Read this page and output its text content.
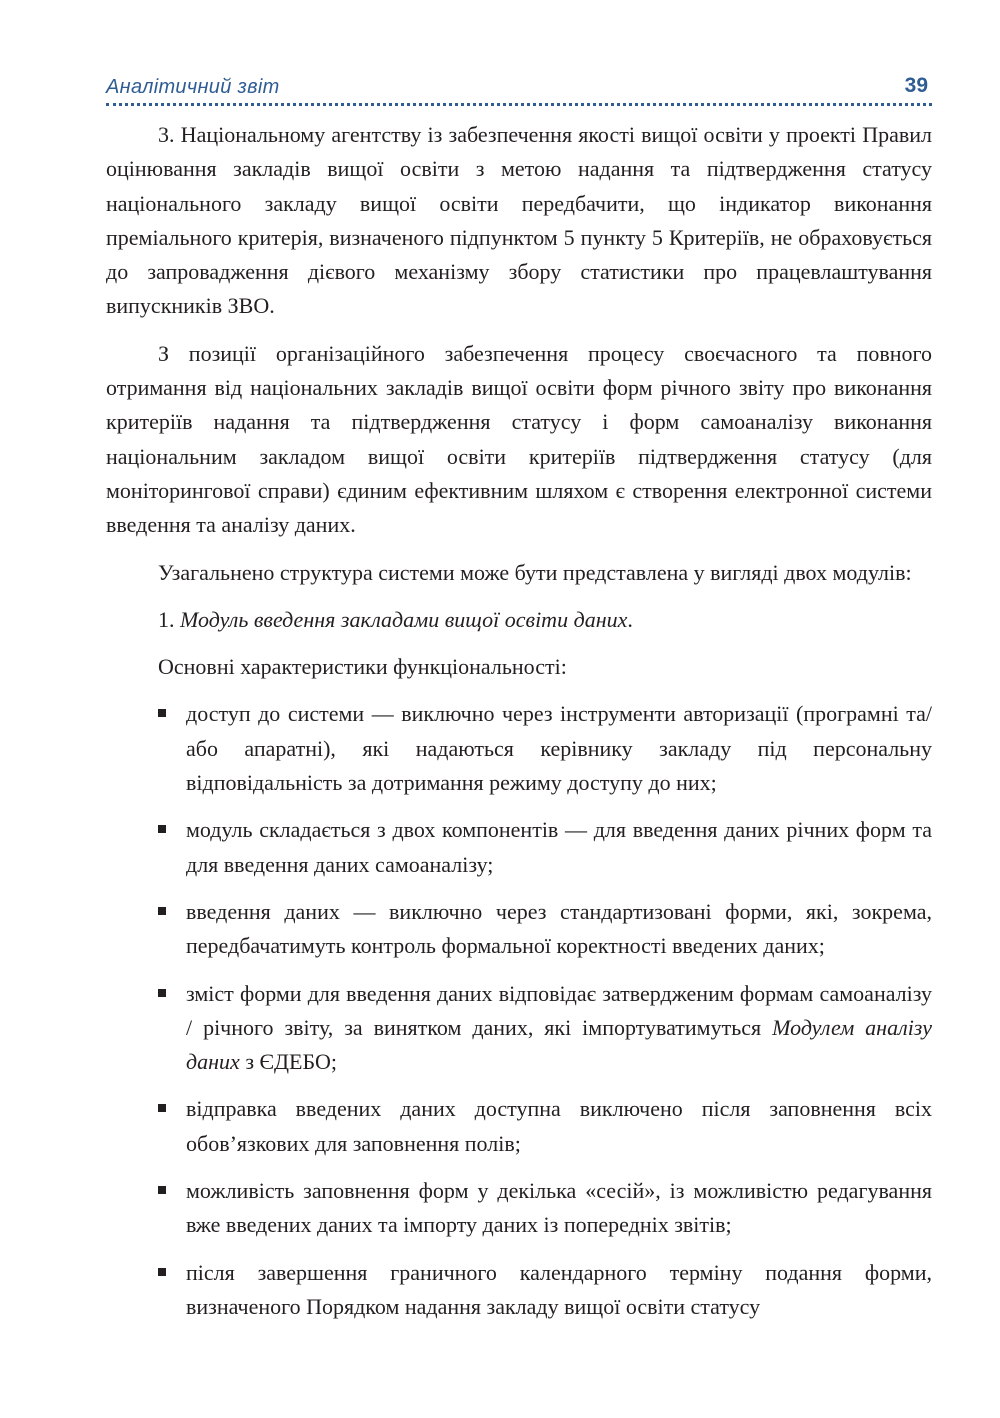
Аналітичний звіт	39

3. Національному агентству із забезпечення якості вищої освіти у проекті Правил оцінювання закладів вищої освіти з метою надання та підтвердження статусу національного закладу вищої освіти передбачити, що індикатор виконання преміального критерія, визначеного підпунктом 5 пункту 5 Критеріїв, не обраховується до запровадження дієвого механізму збору статистики про працевлаштування випускників ЗВО.

З позиції організаційного забезпечення процесу своєчасного та повного отримання від національних закладів вищої освіти форм річного звіту про виконання критеріїв надання та підтвердження статусу і форм самоаналізу виконання національним закладом вищої освіти критеріїв підтвердження статусу (для моніторингової справи) єдиним ефективним шляхом є створення електронної системи введення та аналізу даних.

Узагальнено структура системи може бути представлена у вигляді двох модулів:

1. Модуль введення закладами вищої освіти даних.

Основні характеристики функціональності:

доступ до системи — виключно через інструменти авторизації (програмні та/або апаратні), які надаються керівнику закладу під персональну відповідальність за дотримання режиму доступу до них;
модуль складається з двох компонентів — для введення даних річних форм та для введення даних самоаналізу;
введення даних — виключно через стандартизовані форми, які, зокрема, передбачатимуть контроль формальної коректності введених даних;
зміст форми для введення даних відповідає затвердженим формам самоаналізу / річного звіту, за винятком даних, які імпортуватимуться Модулем аналізу даних з ЄДЕБО;
відправка введених даних доступна виключено після заповнення всіх обов’язкових для заповнення полів;
можливість заповнення форм у декілька «сесій», із можливістю редагування вже введених даних та імпорту даних із попередніх звітів;
після завершення граничного календарного терміну подання форми, визначеного Порядком надання закладу вищої освіти статусу
